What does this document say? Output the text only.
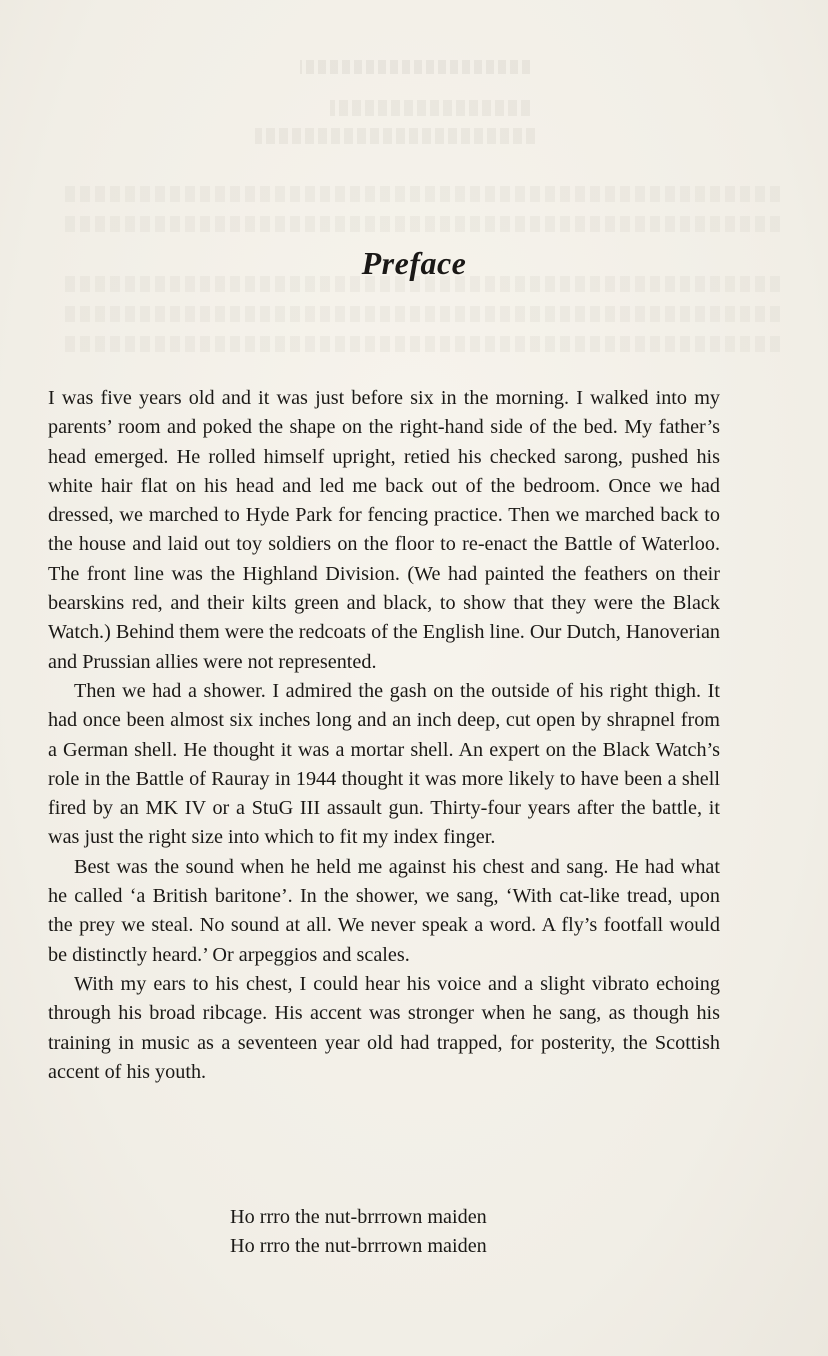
Preface

I was five years old and it was just before six in the morning. I walked into my parents’ room and poked the shape on the right-hand side of the bed. My father’s head emerged. He rolled himself upright, retied his checked sarong, pushed his white hair flat on his head and led me back out of the bedroom. Once we had dressed, we marched to Hyde Park for fencing practice. Then we marched back to the house and laid out toy soldiers on the floor to re-enact the Battle of Waterloo. The front line was the Highland Division. (We had painted the feathers on their bearskins red, and their kilts green and black, to show that they were the Black Watch.) Behind them were the redcoats of the English line. Our Dutch, Hanoverian and Prussian allies were not represented.

Then we had a shower. I admired the gash on the outside of his right thigh. It had once been almost six inches long and an inch deep, cut open by shrapnel from a German shell. He thought it was a mortar shell. An expert on the Black Watch’s role in the Battle of Rauray in 1944 thought it was more likely to have been a shell fired by an MK IV or a StuG III assault gun. Thirty-four years after the battle, it was just the right size into which to fit my index finger.

Best was the sound when he held me against his chest and sang. He had what he called ‘a British baritone’. In the shower, we sang, ‘With cat-like tread, upon the prey we steal. No sound at all. We never speak a word. A fly’s footfall would be distinctly heard.’ Or arpeggios and scales.

With my ears to his chest, I could hear his voice and a slight vibrato echoing through his broad ribcage. His accent was stronger when he sang, as though his training in music as a seventeen year old had trapped, for posterity, the Scottish accent of his youth.

Ho rrro the nut-brrrown maiden
Ho rrro the nut-brrrown maiden
